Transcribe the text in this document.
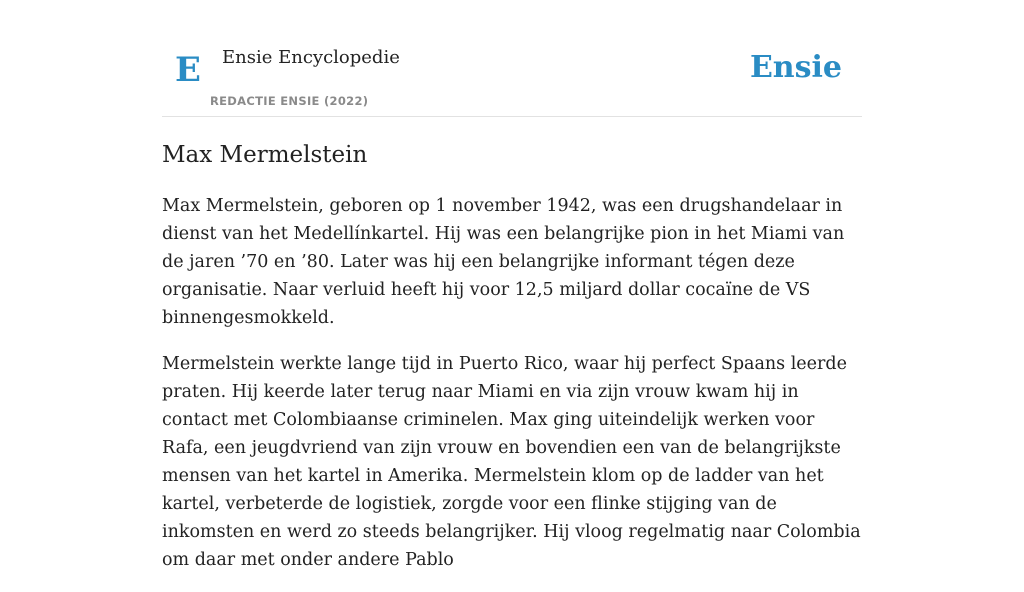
E Ensie Encyclopedie
REDACTIE ENSIE (2022)
Ensie
Max Mermelstein

Max Mermelstein, geboren op 1 november 1942, was een drugshandelaar in dienst van het Medellínkartel. Hij was een belangrijke pion in het Miami van de jaren ’70 en ’80. Later was hij een belangrijke informant tégen deze organisatie. Naar verluid heeft hij voor 12,5 miljard dollar cocaïne de VS binnengesmokkeld.

Mermelstein werkte lange tijd in Puerto Rico, waar hij perfect Spaans leerde praten. Hij keerde later terug naar Miami en via zijn vrouw kwam hij in contact met Colombiaanse criminelen. Max ging uiteindelijk werken voor Rafa, een jeugdvriend van zijn vrouw en bovendien een van de belangrijkste mensen van het kartel in Amerika. Mermelstein klom op de ladder van het kartel, verbeterde de logistiek, zorgde voor een flinke stijging van de inkomsten en werd zo steeds belangrijker. Hij vloog regelmatig naar Colombia om daar met onder andere Pablo
